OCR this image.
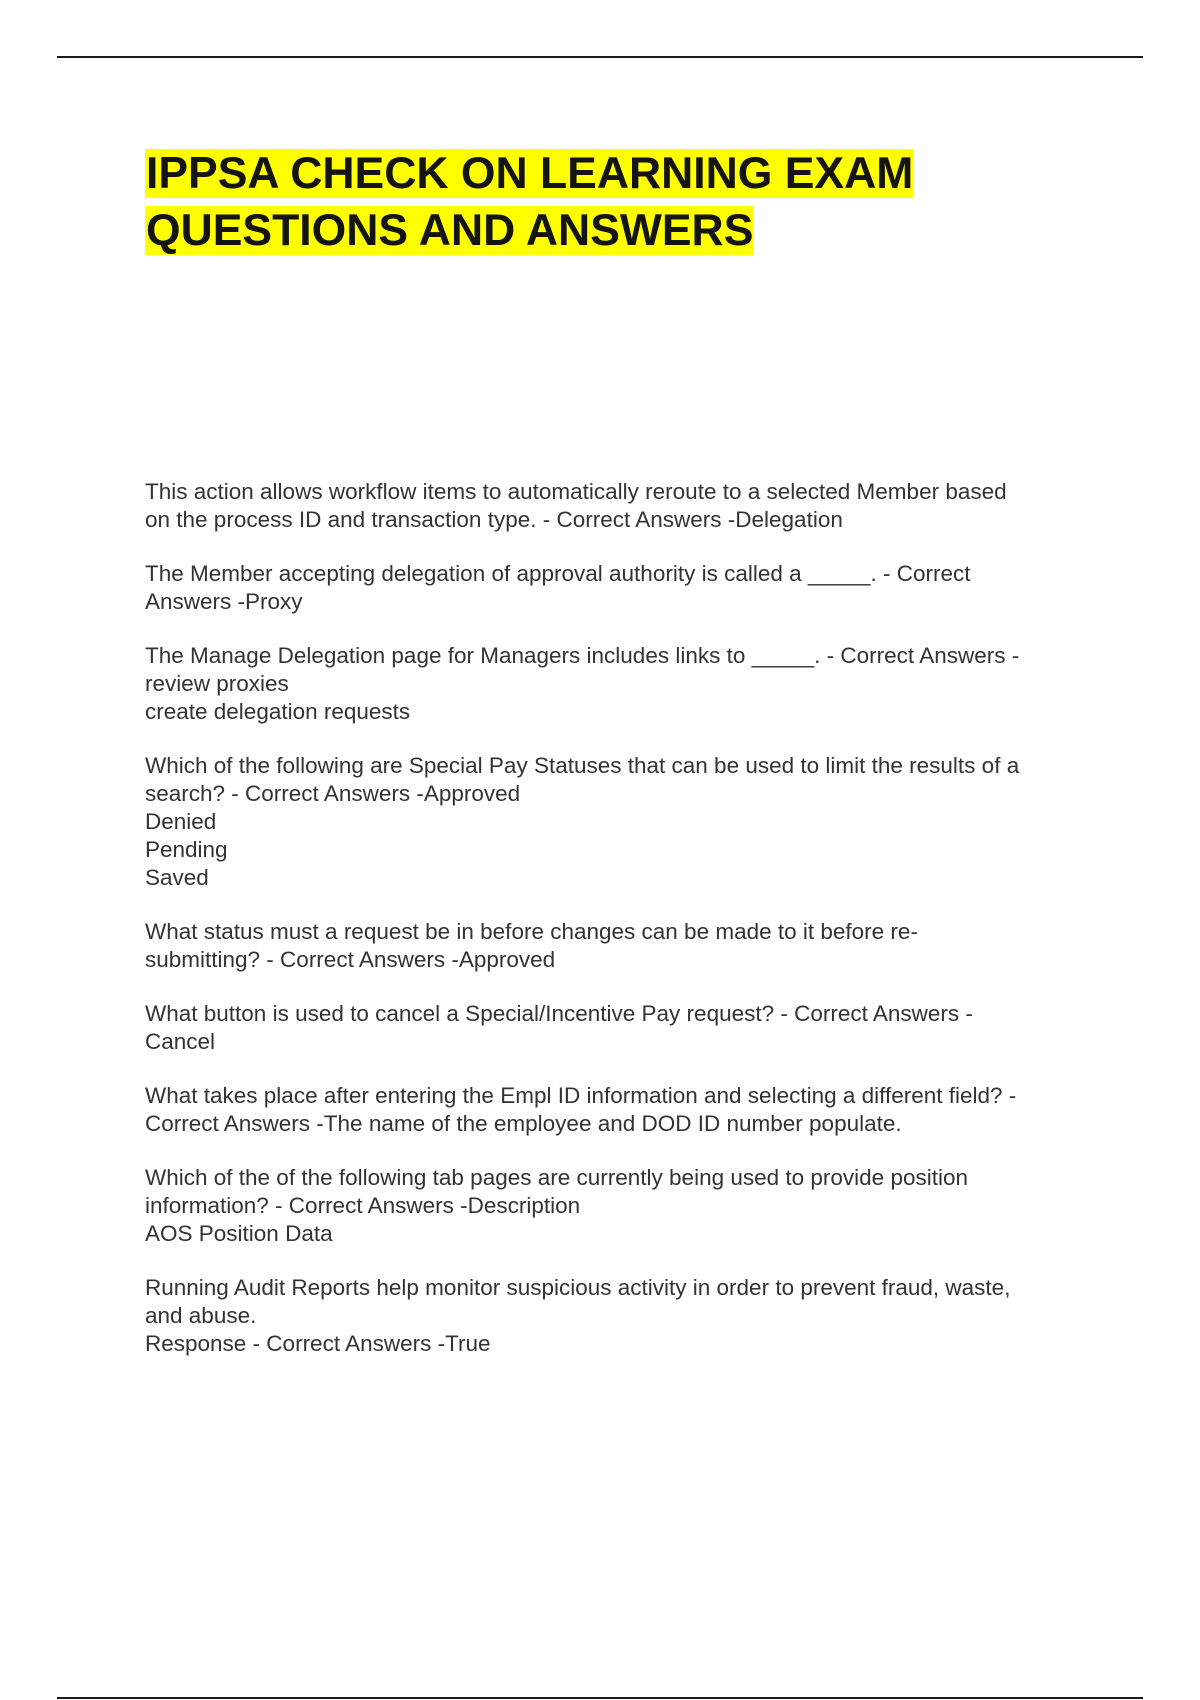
IPPSA CHECK ON LEARNING EXAM
QUESTIONS AND ANSWERS
This action allows workflow items to automatically reroute to a selected Member based
on the process ID and transaction type. - Correct Answers -Delegation
The Member accepting delegation of approval authority is called a _____. - Correct
Answers -Proxy
The Manage Delegation page for Managers includes links to _____. - Correct Answers -
review proxies
create delegation requests
Which of the following are Special Pay Statuses that can be used to limit the results of a
search? - Correct Answers -Approved
Denied
Pending
Saved
What status must a request be in before changes can be made to it before re-
submitting? - Correct Answers -Approved
What button is used to cancel a Special/Incentive Pay request? - Correct Answers -
Cancel
What takes place after entering the Empl ID information and selecting a different field? -
Correct Answers -The name of the employee and DOD ID number populate.
Which of the of the following tab pages are currently being used to provide position
information? - Correct Answers -Description
AOS Position Data
Running Audit Reports help monitor suspicious activity in order to prevent fraud, waste,
and abuse.
Response - Correct Answers -True
